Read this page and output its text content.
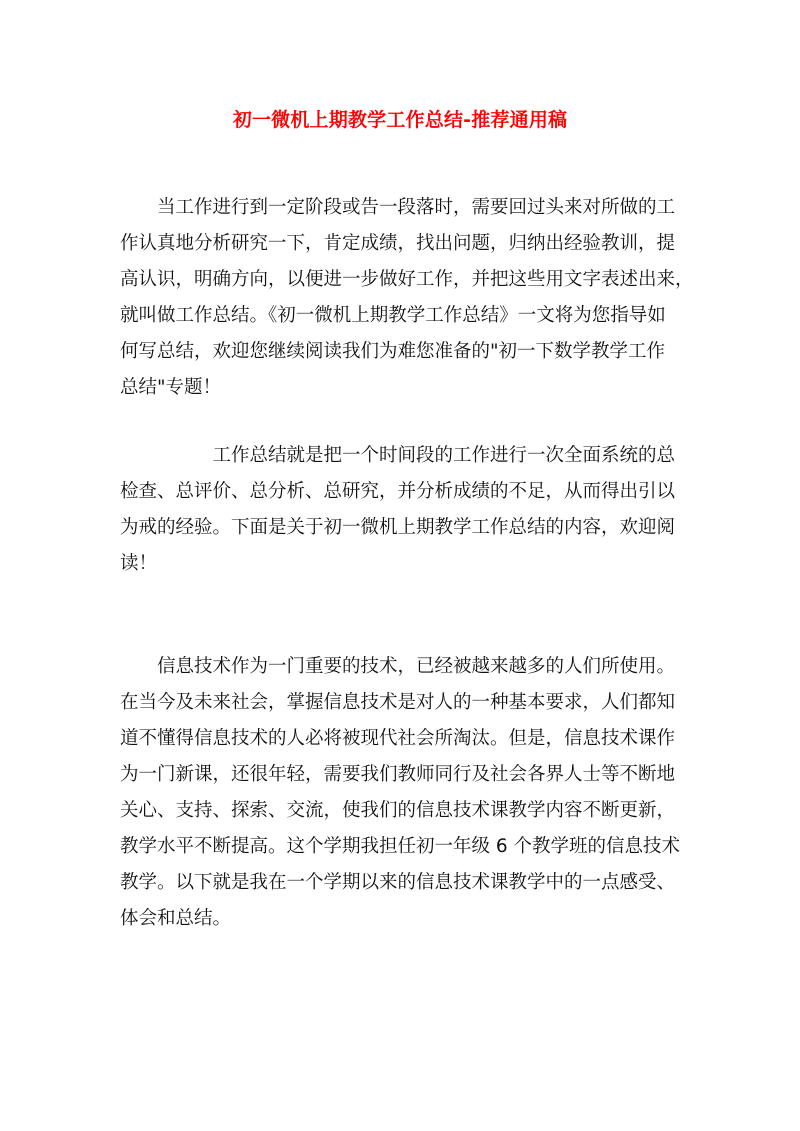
初一微机上期教学工作总结-推荐通用稿

　　当工作进行到一定阶段或告一段落时，需要回过头来对所做的工
作认真地分析研究一下，肯定成绩，找出问题，归纳出经验教训，提
高认识，明确方向，以便进一步做好工作，并把这些用文字表述出来，
就叫做工作总结。《初一微机上期教学工作总结》一文将为您指导如
何写总结，欢迎您继续阅读我们为难您准备的"初一下数学教学工作
总结"专题！

　　　　　工作总结就是把一个时间段的工作进行一次全面系统的总
检查、总评价、总分析、总研究，并分析成绩的不足，从而得出引以
为戒的经验。下面是关于初一微机上期教学工作总结的内容，欢迎阅
读！

　　信息技术作为一门重要的技术，已经被越来越多的人们所使用。
在当今及未来社会，掌握信息技术是对人的一种基本要求，人们都知
道不懂得信息技术的人必将被现代社会所淘汰。但是，信息技术课作
为一门新课，还很年轻，需要我们教师同行及社会各界人士等不断地
关心、支持、探索、交流，使我们的信息技术课教学内容不断更新，
教学水平不断提高。这个学期我担任初一年级 6 个教学班的信息技术
教学。以下就是我在一个学期以来的信息技术课教学中的一点感受、
体会和总结。
